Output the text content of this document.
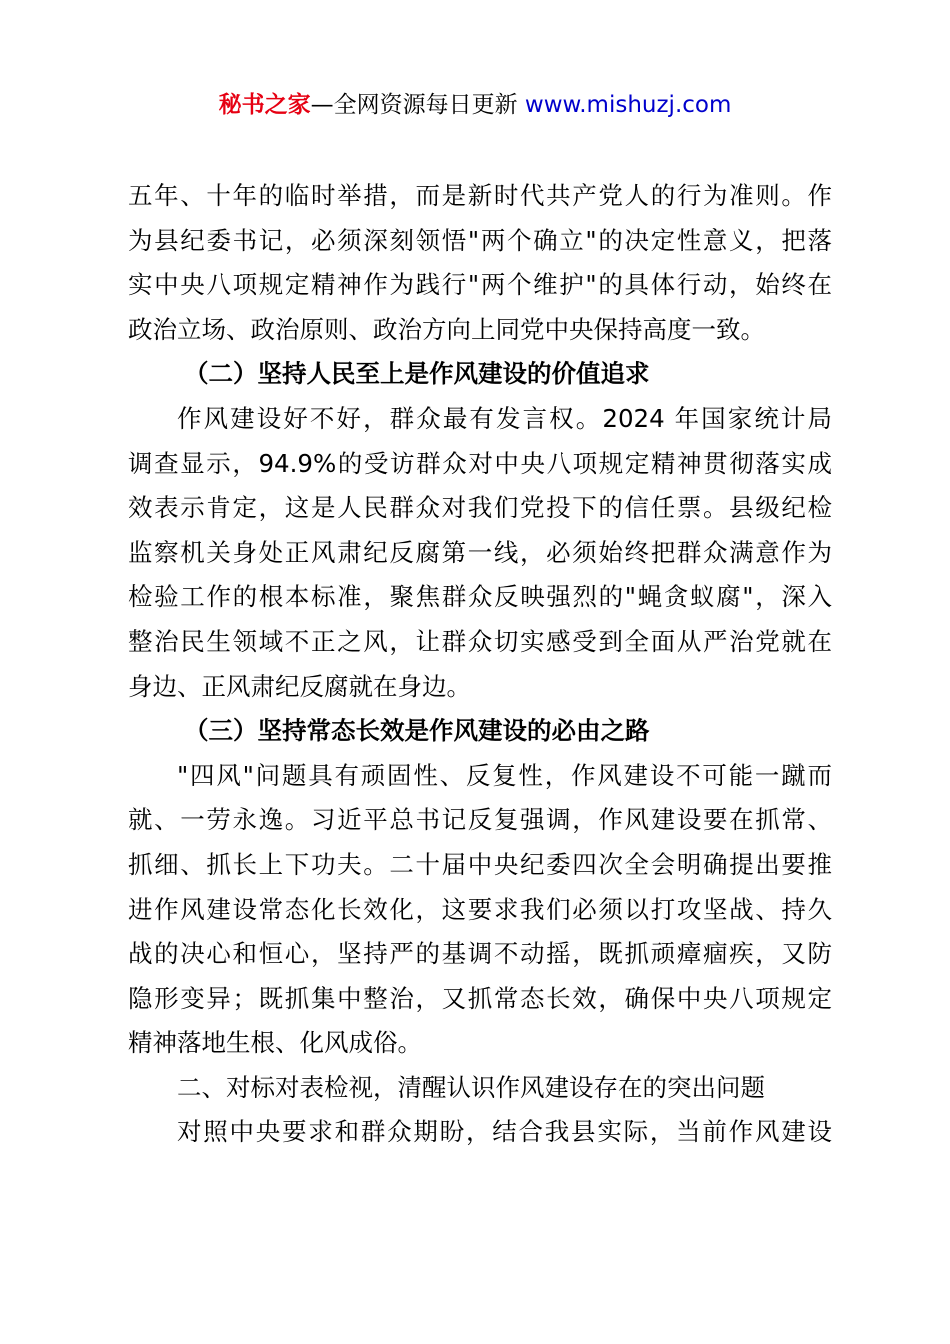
秘书之家—全网资源每日更新 www.mishuzj.com
五年、十年的临时举措，而是新时代共产党人的行为准则。作
为县纪委书记，必须深刻领悟"两个确立"的决定性意义，把落
实中央八项规定精神作为践行"两个维护"的具体行动，始终在
政治立场、政治原则、政治方向上同党中央保持高度一致。
（二）坚持人民至上是作风建设的价值追求
作风建设好不好，群众最有发言权。2024 年国家统计局
调查显示，94.9%的受访群众对中央八项规定精神贯彻落实成
效表示肯定，这是人民群众对我们党投下的信任票。县级纪检
监察机关身处正风肃纪反腐第一线，必须始终把群众满意作为
检验工作的根本标准，聚焦群众反映强烈的"蝇贪蚁腐"，深入
整治民生领域不正之风，让群众切实感受到全面从严治党就在
身边、正风肃纪反腐就在身边。
（三）坚持常态长效是作风建设的必由之路
"四风"问题具有顽固性、反复性，作风建设不可能一蹴而
就、一劳永逸。习近平总书记反复强调，作风建设要在抓常、
抓细、抓长上下功夫。二十届中央纪委四次全会明确提出要推
进作风建设常态化长效化，这要求我们必须以打攻坚战、持久
战的决心和恒心，坚持严的基调不动摇，既抓顽瘴痼疾，又防
隐形变异；既抓集中整治，又抓常态长效，确保中央八项规定
精神落地生根、化风成俗。
二、对标对表检视，清醒认识作风建设存在的突出问题
对照中央要求和群众期盼，结合我县实际，当前作风建设
